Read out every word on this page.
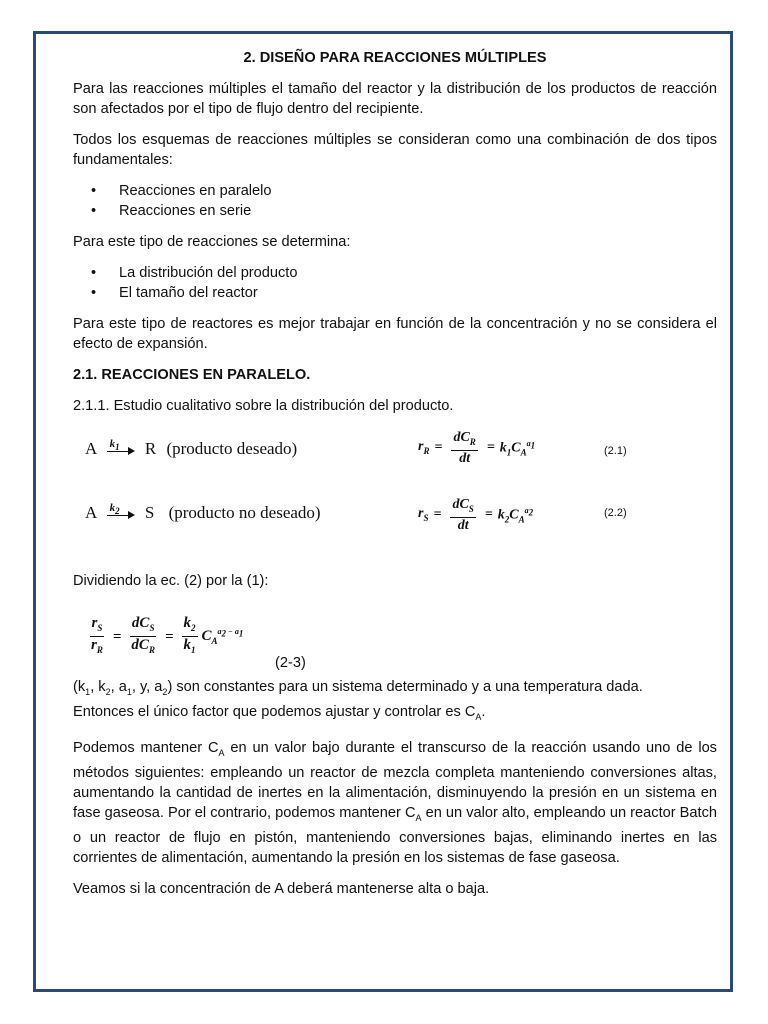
2. DISEÑO PARA REACCIONES MÚLTIPLES

Para las reacciones múltiples el tamaño del reactor y la distribución de los productos de reacción son afectados por el tipo de flujo dentro del recipiente.

Todos los esquemas de reacciones múltiples se consideran como una combinación de dos tipos fundamentales:

• Reacciones en paralelo
• Reacciones en serie

Para este tipo de reacciones se determina:

• La distribución del producto
• El tamaño del reactor

Para este tipo de reactores es mejor trabajar en función de la concentración y no se considera el efecto de expansión.

2.1. REACCIONES EN PARALELO.

2.1.1. Estudio cualitativo sobre la distribución del producto.

A $k_1$ R (producto deseado)	$r_R = \frac{dC_R}{dt} = k_1C_A^{a_1}$	(2.1)
A $k_2$ S (producto no deseado)	$r_S = \frac{dC_S}{dt} = k_2C_A^{a_2}$	(2.2)

Dividiendo la ec. (2) por la (1):

$\frac{r_S}{r_R} = \frac{dC_S}{dC_R} = \frac{k_2}{k_1} C_A^{a_2 - a_1}$
(2-3)

($k_1$, $k_2$, $a_1$, y, $a_2$) son constantes para un sistema determinado y a una temperatura dada.
Entonces el único factor que podemos ajustar y controlar es $C_A$.

Podemos mantener $C_A$ en un valor bajo durante el transcurso de la reacción usando uno de los métodos siguientes: empleando un reactor de mezcla completa manteniendo conversiones altas, aumentando la cantidad de inertes en la alimentación, disminuyendo la presión en un sistema en fase gaseosa. Por el contrario, podemos mantener $C_A$ en un valor alto, empleando un reactor Batch o un reactor de flujo en pistón, manteniendo conversiones bajas, eliminando inertes en las corrientes de alimentación, aumentando la presión en los sistemas de fase gaseosa.

Veamos si la concentración de A deberá mantenerse alta o baja.
